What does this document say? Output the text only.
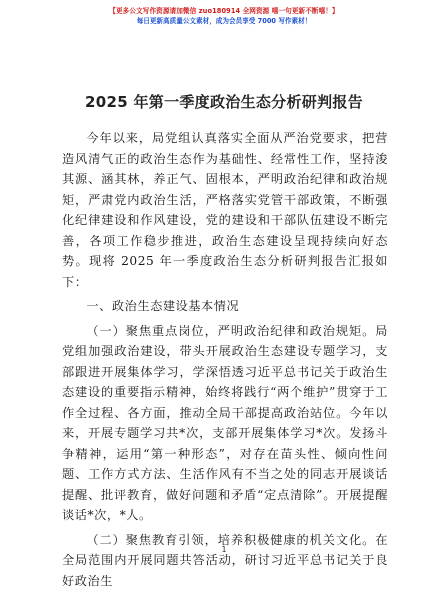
【更多公文写作资源请加微信 zuo180914 全网资源 嘻一句更新不断嘻！】
每日更新高质量公文素材，成为会员享受 7000 写作素材！
2025 年第一季度政治生态分析研判报告

今年以来，局党组认真落实全面从严治党要求，把营造风清气正的政治生态作为基础性、经常性工作，坚持浚其源、涵其林，养正气、固根本，严明政治纪律和政治规矩，严肃党内政治生活，严格落实党管干部政策，不断强化纪律建设和作风建设，党的建设和干部队伍建设不断完善，各项工作稳步推进，政治生态建设呈现持续向好态势。现将 2025 年一季度政治生态分析研判报告汇报如下：

一、政治生态建设基本情况

（一）聚焦重点岗位，严明政治纪律和政治规矩。局党组加强政治建设，带头开展政治生态建设专题学习，支部跟进开展集体学习，学深悟透习近平总书记关于政治生态建设的重要指示精神，始终将践行“两个维护”贯穿于工作全过程、各方面，推动全局干部提高政治站位。今年以来，开展专题学习共*次，支部开展集体学习*次。发扬斗争精神，运用“第一种形态”，对存在苗头性、倾向性问题、工作方式方法、生活作风有不当之处的同志开展谈话提醒、批评教育，做好问题和矛盾“定点清除”。开展提醒谈话*次，*人。

（二）聚焦教育引领，培养积极健康的机关文化。在全局范围内开展同题共答活动，研讨习近平总书记关于良好政治生

1
